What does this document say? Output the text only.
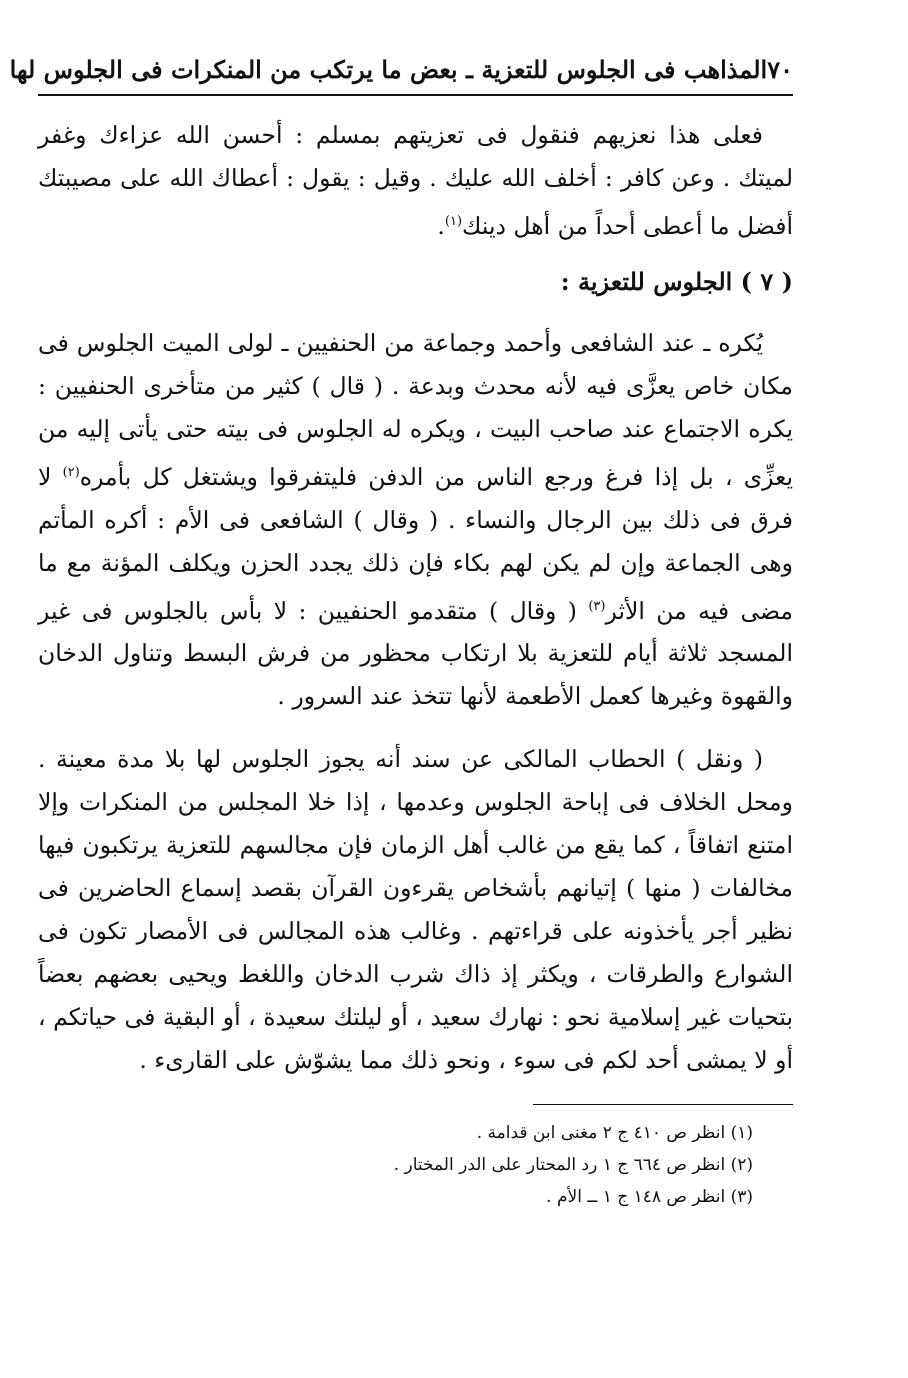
٧٠
المذاهب فى الجلوس للتعزية ـ بعض ما يرتكب من المنكرات فى الجلوس لها

فعلى هذا نعزيهم فنقول فى تعزيتهم بمسلم : أحسن الله عزاءك وغفر لميتك . وعن كافر : أخلف الله عليك . وقيل : يقول : أعطاك الله على مصيبتك أفضل ما أعطى أحداً من أهل دينك$^{(١)}$.

( ٧ ) الجلوس للتعزية :

يُكره ـ عند الشافعى وأحمد وجماعة من الحنفيين ـ لولى الميت الجلوس فى مكان خاص يعزَّى فيه لأنه محدث وبدعة . ( قال ) كثير من متأخرى الحنفيين : يكره الاجتماع عند صاحب البيت ، ويكره له الجلوس فى بيته حتى يأتى إليه من يعزِّى ، بل إذا فرغ ورجع الناس من الدفن فليتفرقوا ويشتغل كل بأمره$^{(٢)}$ لا فرق فى ذلك بين الرجال والنساء . ( وقال ) الشافعى فى الأم : أكره المأتم وهى الجماعة وإن لم يكن لهم بكاء فإن ذلك يجدد الحزن ويكلف المؤنة مع ما مضى فيه من الأثر$^{(٣)}$ ( وقال ) متقدمو الحنفيين : لا بأس بالجلوس فى غير المسجد ثلاثة أيام للتعزية بلا ارتكاب محظور من فرش البسط وتناول الدخان والقهوة وغيرها كعمل الأطعمة لأنها تتخذ عند السرور .

( ونقل ) الحطاب المالكى عن سند أنه يجوز الجلوس لها بلا مدة معينة . ومحل الخلاف فى إباحة الجلوس وعدمها ، إذا خلا المجلس من المنكرات وإلا امتنع اتفاقاً ، كما يقع من غالب أهل الزمان فإن مجالسهم للتعزية يرتكبون فيها مخالفات ( منها ) إتيانهم بأشخاص يقرءون القرآن بقصد إسماع الحاضرين فى نظير أجر يأخذونه على قراءتهم . وغالب هذه المجالس فى الأمصار تكون فى الشوارع والطرقات ، ويكثر إذ ذاك شرب الدخان واللغط ويحيى بعضهم بعضاً بتحيات غير إسلامية نحو : نهارك سعيد ، أو ليلتك سعيدة ، أو البقية فى حياتكم ، أو لا يمشى أحد لكم فى سوء ، ونحو ذلك مما يشوّش على القارىء .

(١) انظر ص ٤١٠ ج ٢ مغنى ابن قدامة .
(٢) انظر ص ٦٦٤ ج ١ رد المحتار على الدر المختار .
(٣) انظر ص ١٤٨ ج ١ ــ الأم .
